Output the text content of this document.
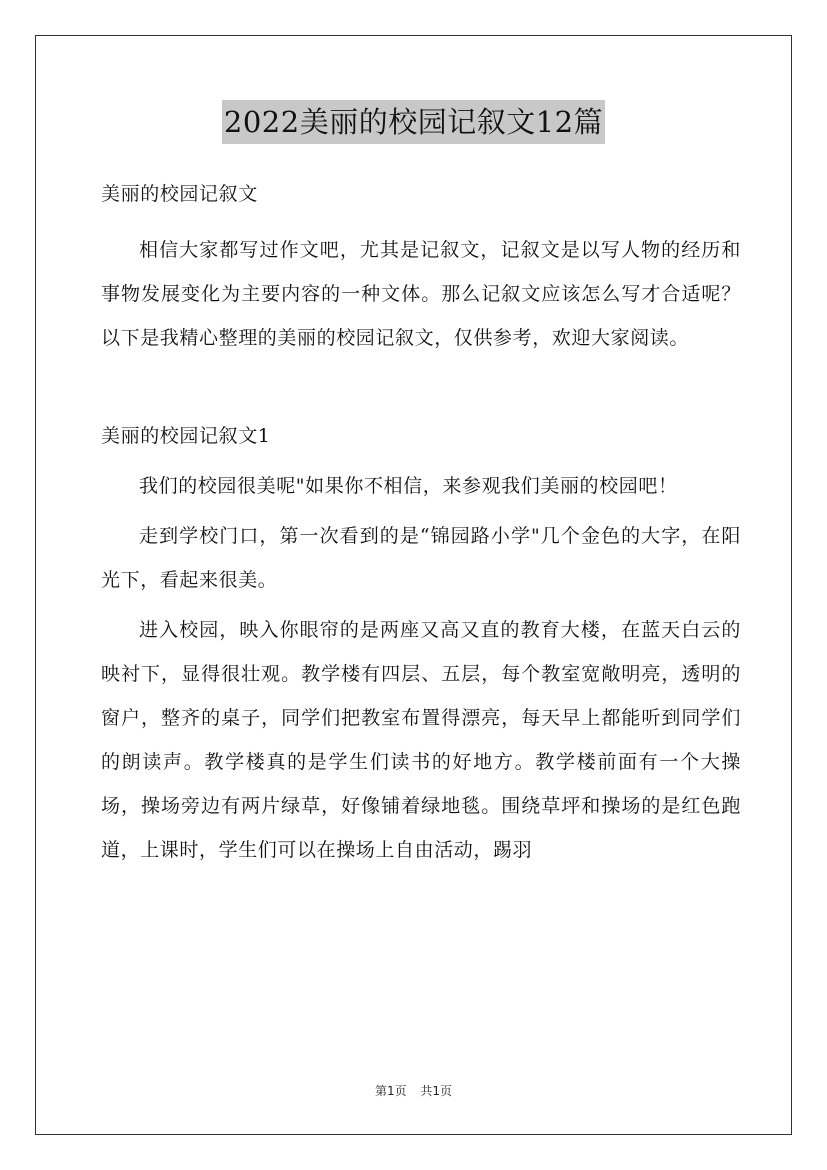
2022美丽的校园记叙文12篇

美丽的校园记叙文

相信大家都写过作文吧，尤其是记叙文，记叙文是以写人物的经历和事物发展变化为主要内容的一种文体。那么记叙文应该怎么写才合适呢？以下是我精心整理的美丽的校园记叙文，仅供参考，欢迎大家阅读。

美丽的校园记叙文1

我们的校园很美呢"如果你不相信，来参观我们美丽的校园吧！

走到学校门口，第一次看到的是“锦园路小学"几个金色的大字，在阳光下，看起来很美。

进入校园，映入你眼帘的是两座又高又直的教育大楼，在蓝天白云的映衬下，显得很壮观。教学楼有四层、五层，每个教室宽敞明亮，透明的窗户，整齐的桌子，同学们把教室布置得漂亮，每天早上都能听到同学们的朗读声。教学楼真的是学生们读书的好地方。教学楼前面有一个大操场，操场旁边有两片绿草，好像铺着绿地毯。围绕草坪和操场的是红色跑道，上课时，学生们可以在操场上自由活动，踢羽

第1页 共1页
